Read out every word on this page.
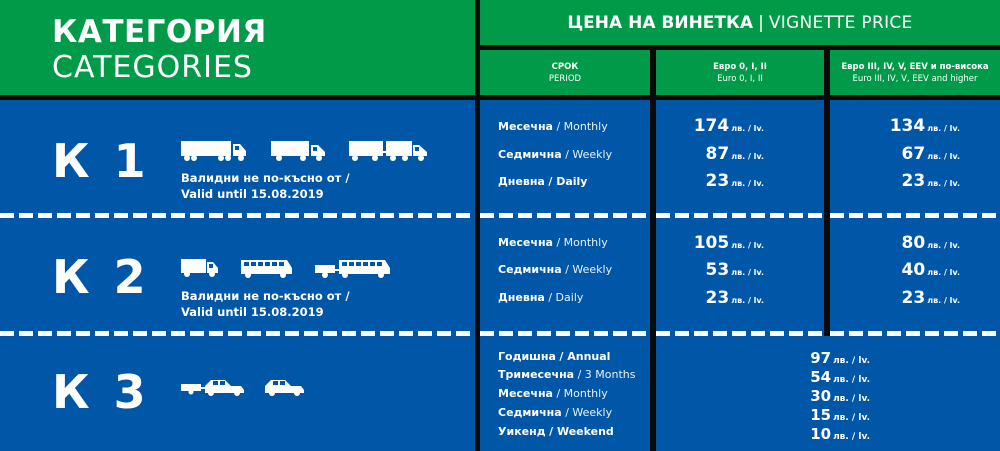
КАТЕГОРИЯ
CATEGORIES
ЦЕНА НА ВИНЕТКА | VIGNETTE PRICE
СРОК
PERIOD
Евро 0, I, II
Euro 0, I, II
Евро III, IV, V, EEV и по-висока
Euro III, IV, V, EEV and higher
К 1	Валидни не по-късно от /
Valid until 15.08.2019
К 2	Валидни не по-късно от /
Valid until 15.08.2019
К 3
Месечна / Monthly
Седмична / Weekly
Дневна / Daily
Месечна / Monthly
Седмична / Weekly
Дневна / Daily
Годишна / Annual
Тримесечна / 3 Months
Месечна / Monthly
Седмична / Weekly
Уикенд / Weekend
174 лв. / lv.
87 лв. / lv.
23 лв. / lv.
105 лв. / lv.
53 лв. / lv.
23 лв. / lv.
134 лв. / lv.
67 лв. / lv.
23 лв. / lv.
80 лв. / lv.
40 лв. / lv.
23 лв. / lv.
97 лв. / lv.
54 лв. / lv.
30 лв. / lv.
15 лв. / lv.
10 лв. / lv.
